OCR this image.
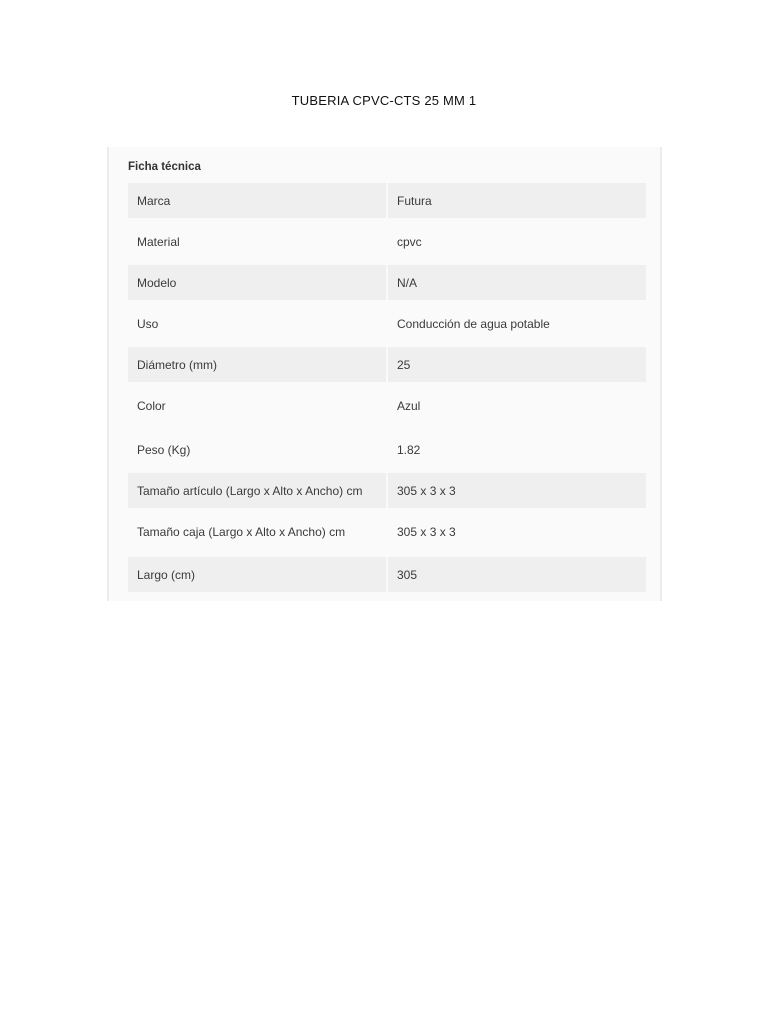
TUBERIA CPVC-CTS 25 MM 1
Ficha técnica
Marca	Futura
Material	cpvc
Modelo	N/A
Uso	Conducción de agua potable
Diámetro (mm)	25
Color	Azul
Peso (Kg)	1.82
Tamaño artículo (Largo x Alto x Ancho) cm	305 x 3 x 3
Tamaño caja (Largo x Alto x Ancho) cm	305 x 3 x 3
Largo (cm)	305
